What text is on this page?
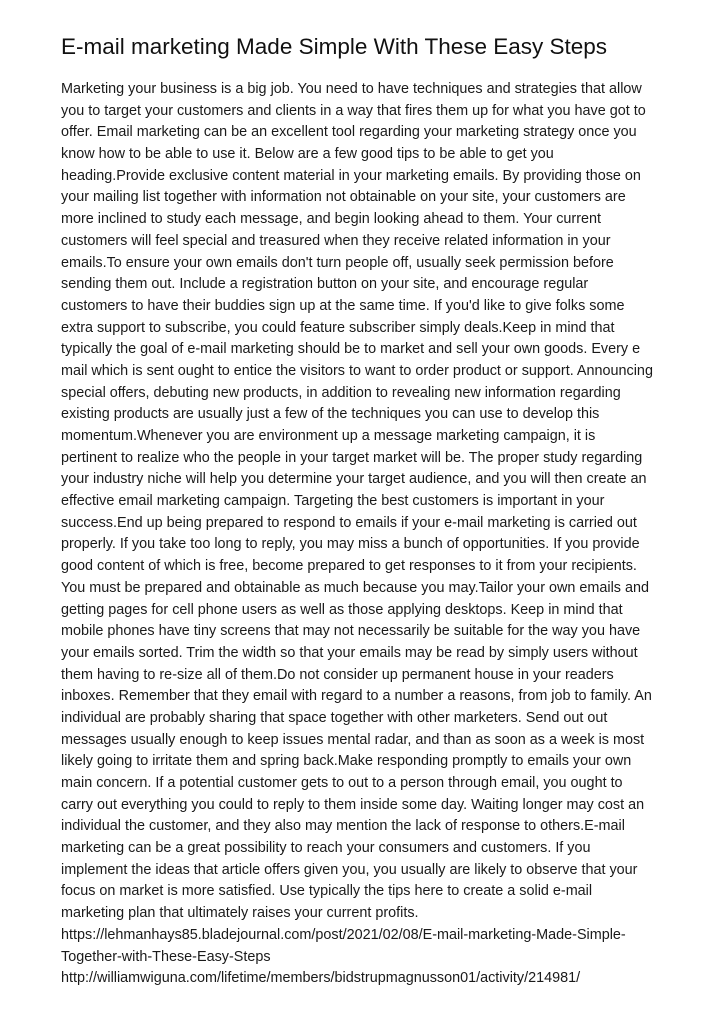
E-mail marketing Made Simple With These Easy Steps
Marketing your business is a big job. You need to have techniques and strategies that allow
you to target your customers and clients in a way that fires them up for what you have got to
offer. Email marketing can be an excellent tool regarding your marketing strategy once you
know how to be able to use it. Below are a few good tips to be able to get you
heading.Provide exclusive content material in your marketing emails. By providing those on
your mailing list together with information not obtainable on your site, your customers are
more inclined to study each message, and begin looking ahead to them. Your current
customers will feel special and treasured when they receive related information in your
emails.To ensure your own emails don't turn people off, usually seek permission before
sending them out. Include a registration button on your site, and encourage regular
customers to have their buddies sign up at the same time. If you'd like to give folks some
extra support to subscribe, you could feature subscriber simply deals.Keep in mind that
typically the goal of e-mail marketing should be to market and sell your own goods. Every e
mail which is sent ought to entice the visitors to want to order product or support. Announcing
special offers, debuting new products, in addition to revealing new information regarding
existing products are usually just a few of the techniques you can use to develop this
momentum.Whenever you are environment up a message marketing campaign, it is
pertinent to realize who the people in your target market will be. The proper study regarding
your industry niche will help you determine your target audience, and you will then create an
effective email marketing campaign. Targeting the best customers is important in your
success.End up being prepared to respond to emails if your e-mail marketing is carried out
properly. If you take too long to reply, you may miss a bunch of opportunities. If you provide
good content of which is free, become prepared to get responses to it from your recipients.
You must be prepared and obtainable as much because you may.Tailor your own emails and
getting pages for cell phone users as well as those applying desktops. Keep in mind that
mobile phones have tiny screens that may not necessarily be suitable for the way you have
your emails sorted. Trim the width so that your emails may be read by simply users without
them having to re-size all of them.Do not consider up permanent house in your readers
inboxes. Remember that they email with regard to a number a reasons, from job to family. An
individual are probably sharing that space together with other marketers. Send out out
messages usually enough to keep issues mental radar, and than as soon as a week is most
likely going to irritate them and spring back.Make responding promptly to emails your own
main concern. If a potential customer gets to out to a person through email, you ought to
carry out everything you could to reply to them inside some day. Waiting longer may cost an
individual the customer, and they also may mention the lack of response to others.E-mail
marketing can be a great possibility to reach your consumers and customers. If you
implement the ideas that article offers given you, you usually are likely to observe that your
focus on market is more satisfied. Use typically the tips here to create a solid e-mail
marketing plan that ultimately raises your current profits.
https://lehmanhays85.bladejournal.com/post/2021/02/08/E-mail-marketing-Made-Simple-
Together-with-These-Easy-Steps
http://williamwiguna.com/lifetime/members/bidstrupmagnusson01/activity/214981/
